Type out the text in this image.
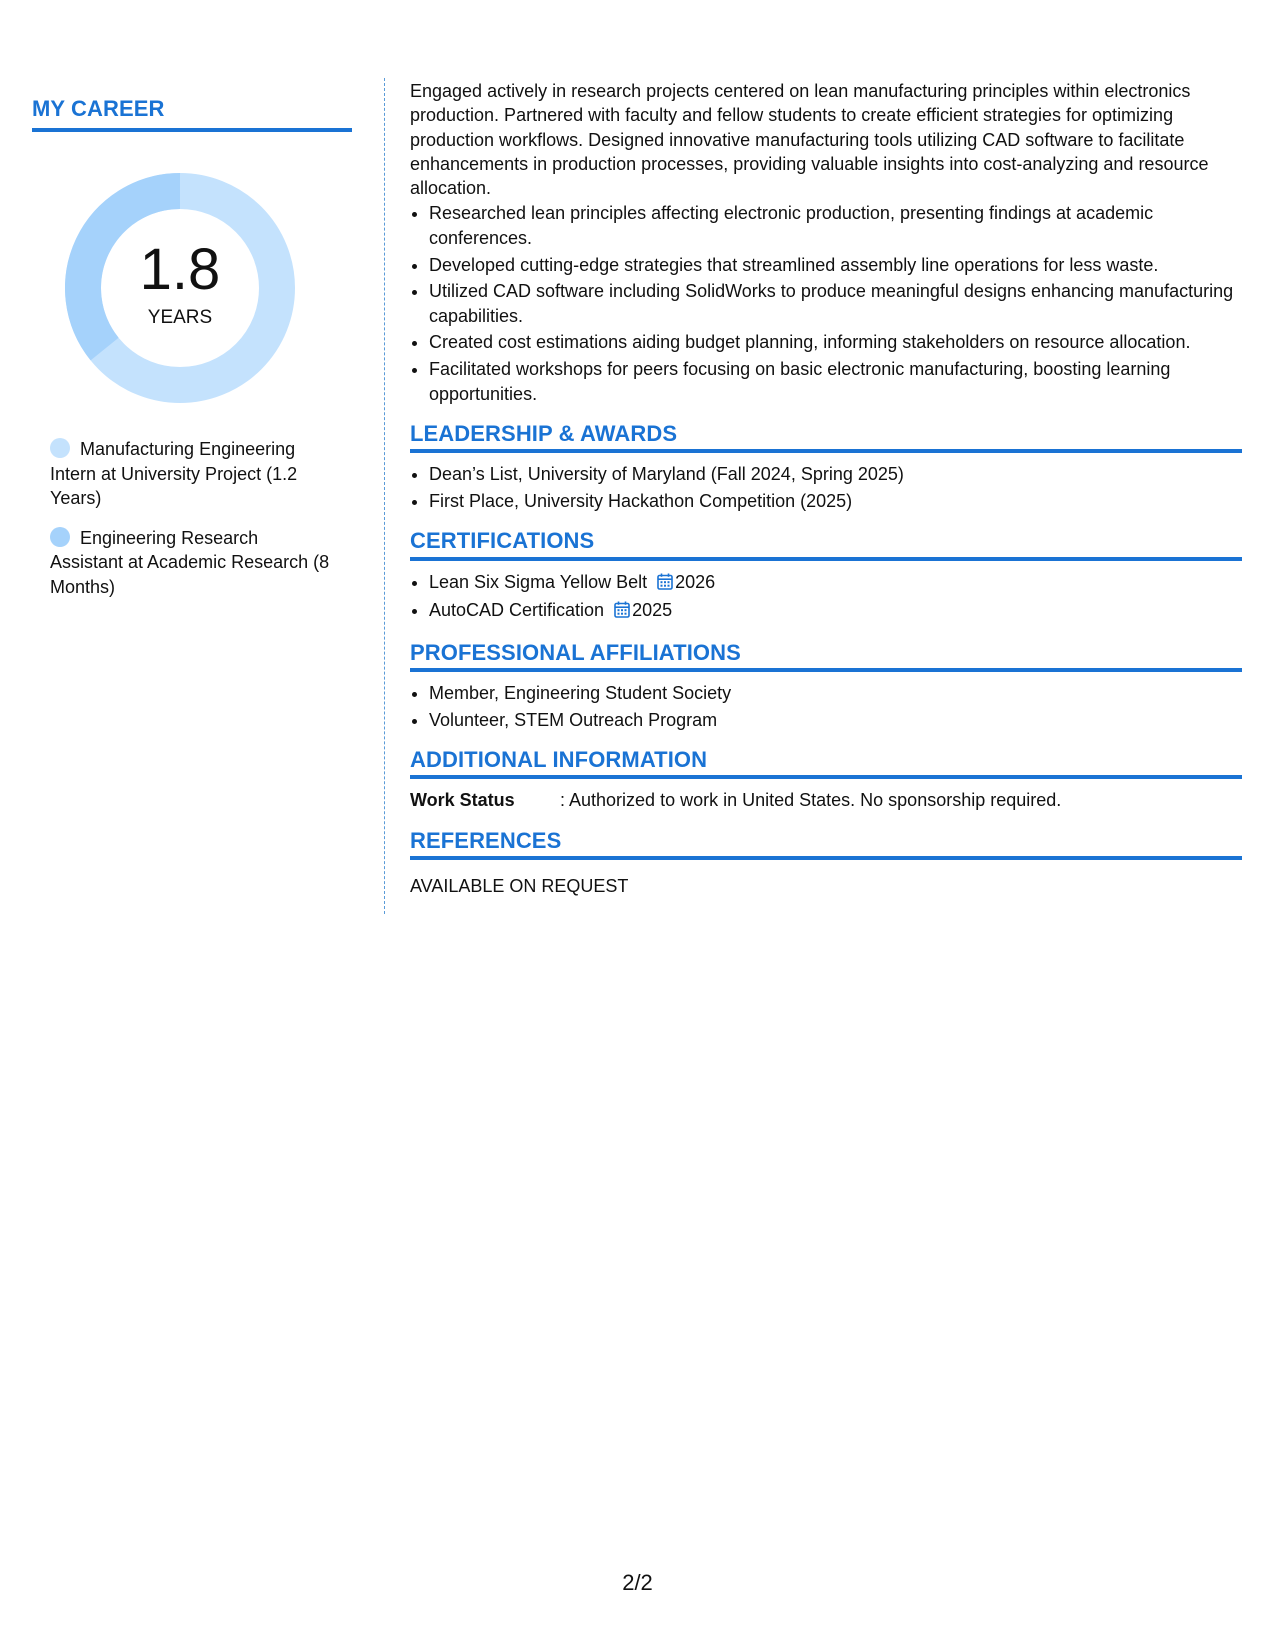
MY CAREER
1.8
YEARS
Manufacturing Engineering Intern at University Project (1.2 Years)
Engineering Research Assistant at Academic Research (8 Months)

Engaged actively in research projects centered on lean manufacturing principles within electronics production. Partnered with faculty and fellow students to create efficient strategies for optimizing production workflows. Designed innovative manufacturing tools utilizing CAD software to facilitate enhancements in production processes, providing valuable insights into cost-analyzing and resource allocation.

• Researched lean principles affecting electronic production, presenting findings at academic conferences.
• Developed cutting-edge strategies that streamlined assembly line operations for less waste.
• Utilized CAD software including SolidWorks to produce meaningful designs enhancing manufacturing capabilities.
• Created cost estimations aiding budget planning, informing stakeholders on resource allocation.
• Facilitated workshops for peers focusing on basic electronic manufacturing, boosting learning opportunities.
LEADERSHIP & AWARDS
• Dean’s List, University of Maryland (Fall 2024, Spring 2025)
• First Place, University Hackathon Competition (2025)
CERTIFICATIONS
• Lean Six Sigma Yellow Belt 2026
• AutoCAD Certification 2025
PROFESSIONAL AFFILIATIONS
• Member, Engineering Student Society
• Volunteer, STEM Outreach Program
ADDITIONAL INFORMATION
Work Status	: Authorized to work in United States. No sponsorship required.
REFERENCES
AVAILABLE ON REQUEST
2/2
